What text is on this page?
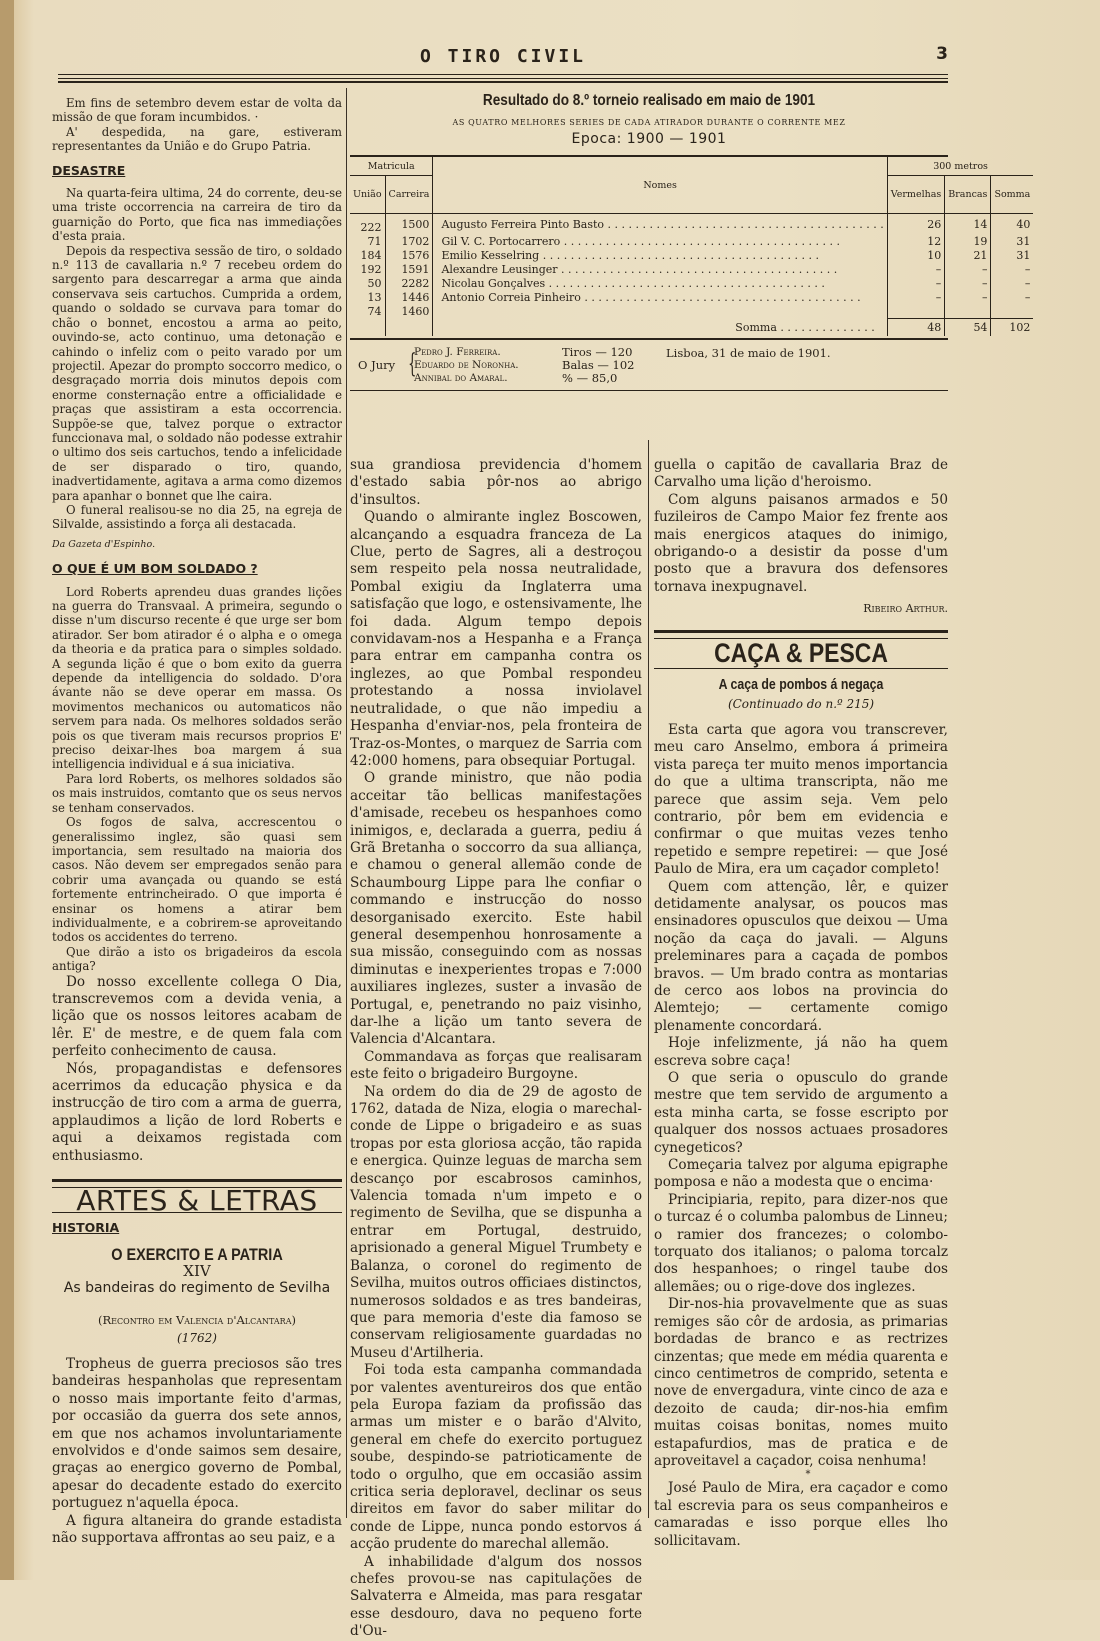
O TIRO CIVIL	3

Em fins de setembro devem estar de volta da missão de que foram incumbidos. ·

A' despedida, na gare, estiveram representantes da União e do Grupo Patria.

DESASTRE

Na quarta-feira ultima, 24 do corrente, deu-se uma triste occorrencia na carreira de tiro da guarnição do Porto, que fica nas immediações d'esta praia.

Depois da respectiva sessão de tiro, o soldado n.º 113 de cavallaria n.º 7 recebeu ordem do sargento para descarregar a arma que ainda conservava seis cartuchos. Cumprida a ordem, quando o soldado se curvava para tomar do chão o bonnet, encostou a arma ao peito, ouvindo-se, acto continuo, uma detonação e cahindo o infeliz com o peito varado por um projectil. Apezar do prompto soccorro medico, o desgraçado morria dois minutos depois com enorme consternação entre a officialidade e praças que assistiram a esta occorrencia. Suppõe-se que, talvez porque o extractor funccionava mal, o soldado não podesse extrahir o ultimo dos seis cartuchos, tendo a infelicidade de ser disparado o tiro, quando, inadvertidamente, agitava a arma como dizemos para apanhar o bonnet que lhe caira.

O funeral realisou-se no dia 25, na egreja de Silvalde, assistindo a força ali destacada.

Da Gazeta d'Espinho.
O QUE É UM BOM SOLDADO ?

Lord Roberts aprendeu duas grandes lições na guerra do Transvaal. A primeira, segundo o disse n'um discurso recente é que urge ser bom atirador. Ser bom atirador é o alpha e o omega da theoria e da pratica para o simples soldado. A segunda lição é que o bom exito da guerra depende da intelligencia do soldado. D'ora ávante não se deve operar em massa. Os movimentos mechanicos ou automaticos não servem para nada. Os melhores soldados serão pois os que tiveram mais recursos proprios E' preciso deixar-lhes boa margem á sua intelligencia individual e á sua iniciativa.

Para lord Roberts, os melhores soldados são os mais instruidos, comtanto que os seus nervos se tenham conservados.

Os fogos de salva, accrescentou o generalissimo inglez, são quasi sem importancia, sem resultado na maioria dos casos. Não devem ser empregados senão para cobrir uma avançada ou quando se está fortemente entrincheirado. O que importa é ensinar os homens a atirar bem individualmente, e a cobrirem-se aproveitando todos os accidentes do terreno.

Que dirão a isto os brigadeiros da escola antiga?

Do nosso excellente collega O Dia, transcrevemos com a devida venia, a lição que os nossos leitores acabam de lêr. E' de mestre, e de quem fala com perfeito conhecimento de causa.

Nós, propagandistas e defensores acerrimos da educação physica e da instrucção de tiro com a arma de guerra, applaudimos a lição de lord Roberts e aqui a deixamos registada com enthusiasmo.

ARTES & LETRAS
HISTORIA
O EXERCITO E A PATRIA
XIV
As bandeiras do regimento de Sevilha
(Recontro em Valencia d'Alcantara)
(1762)

Tropheus de guerra preciosos são tres bandeiras hespanholas que representam o nosso mais importante feito d'armas, por occasião da guerra dos sete annos, em que nos achamos involuntariamente envolvidos e d'onde saimos sem desaire, graças ao energico governo de Pombal, apesar do decadente estado do exercito portuguez n'aquella época.

A figura altaneira do grande estadista não supportava affrontas ao seu paiz, e a

Resultado do 8.º torneio realisado em maio de 1901
AS QUATRO MELHORES SERIES DE CADA ATIRADOR DURANTE O CORRENTE MEZ
Epoca: 1900 — 1901
Matricula		Nomes	300 metros		
União	Carreira		Vermelhas	Brancas	Somma
222	1500	Augusto Ferreira Pinto Basto . . . . . . . . . . . . . . . . . . . . . . . . . . . . . . . . . . . . . . . .	26	14	40
71	1702	Gil V. C. Portocarrero . . . . . . . . . . . . . . . . . . . . . . . . . . . . . . . . . . . . . . . .	12	19	31
184	1576	Emilio Kesselring . . . . . . . . . . . . . . . . . . . . . . . . . . . . . . . . . . . . . . . .	10	21	31
192	1591	Alexandre Leusinger . . . . . . . . . . . . . . . . . . . . . . . . . . . . . . . . . . . . . . . .	–	–	–
50	2282	Nicolau Gonçalves . . . . . . . . . . . . . . . . . . . . . . . . . . . . . . . . . . . . . . . .	–	–	–
13	1446	Antonio Correia Pinheiro . . . . . . . . . . . . . . . . . . . . . . . . . . . . . . . . . . . . . . . .	–	–	–
74	1460				
		Somma . . . . . . . . . . . . . .	48	54	102
O Jury {
Pedro J. Ferreira.
Eduardo de Noronha.
Annibal do Amaral.
Tiros — 120
Balas — 102
% — 85,0
Lisboa, 31 de maio de 1901.

sua grandiosa previdencia d'homem d'estado sabia pôr-nos ao abrigo d'insultos.

Quando o almirante inglez Boscowen, alcançando a esquadra franceza de La Clue, perto de Sagres, ali a destroçou sem respeito pela nossa neutralidade, Pombal exigiu da Inglaterra uma satisfação que logo, e ostensivamente, lhe foi dada. Algum tempo depois convidavam-nos a Hespanha e a França para entrar em campanha contra os inglezes, ao que Pombal respondeu protestando a nossa inviolavel neutralidade, o que não impediu a Hespanha d'enviar-nos, pela fronteira de Traz-os-Montes, o marquez de Sarria com 42:000 homens, para obsequiar Portugal.

O grande ministro, que não podia acceitar tão bellicas manifestações d'amisade, recebeu os hespanhoes como inimigos, e, declarada a guerra, pediu á Grã Bretanha o soccorro da sua alliança, e chamou o general allemão conde de Schaumbourg Lippe para lhe confiar o commando e instrucção do nosso desorganisado exercito. Este habil general desempenhou honrosamente a sua missão, conseguindo com as nossas diminutas e inexperientes tropas e 7:000 auxiliares inglezes, suster a invasão de Portugal, e, penetrando no paiz visinho, dar-lhe a lição um tanto severa de Valencia d'Alcantara.

Commandava as forças que realisaram este feito o brigadeiro Burgoyne.

Na ordem do dia de 29 de agosto de 1762, datada de Niza, elogia o marechal-conde de Lippe o brigadeiro e as suas tropas por esta gloriosa acção, tão rapida e energica. Quinze leguas de marcha sem descanço por escabrosos caminhos, Valencia tomada n'um impeto e o regimento de Sevilha, que se dispunha a entrar em Portugal, destruido, aprisionado a general Miguel Trumbety e Balanza, o coronel do regimento de Sevilha, muitos outros officiaes distinctos, numerosos soldados e as tres bandeiras, que para memoria d'este dia famoso se conservam religiosamente guardadas no Museu d'Artilheria.

Foi toda esta campanha commandada por valentes aventureiros dos que então pela Europa faziam da profissão das armas um mister e o barão d'Alvito, general em chefe do exercito portuguez soube, despindo-se patrioticamente de todo o orgulho, que em occasião assim critica seria deploravel, declinar os seus direitos em favor do saber militar do conde de Lippe, nunca pondo estorvos á acção prudente do marechal allemão.

A inhabilidade d'algum dos nossos chefes provou-se nas capitulações de Salvaterra e Almeida, mas para resgatar esse desdouro, dava no pequeno forte d'Ou-

guella o capitão de cavallaria Braz de Carvalho uma lição d'heroismo.

Com alguns paisanos armados e 50 fuzileiros de Campo Maior fez frente aos mais energicos ataques do inimigo, obrigando-o a desistir da posse d'um posto que a bravura dos defensores tornava inexpugnavel.

Ribeiro Arthur.
CAÇA & PESCA
A caça de pombos á negaça
(Continuado do n.º 215)

Esta carta que agora vou transcrever, meu caro Anselmo, embora á primeira vista pareça ter muito menos importancia do que a ultima transcripta, não me parece que assim seja. Vem pelo contrario, pôr bem em evidencia e confirmar o que muitas vezes tenho repetido e sempre repetirei: — que José Paulo de Mira, era um caçador completo!

Quem com attenção, lêr, e quizer detidamente analysar, os poucos mas ensinadores opusculos que deixou — Uma noção da caça do javali. — Alguns preleminares para a caçada de pombos bravos. — Um brado contra as montarias de cerco aos lobos na provincia do Alemtejo; — certamente comigo plenamente concordará.

Hoje infelizmente, já não ha quem escreva sobre caça!

O que seria o opusculo do grande mestre que tem servido de argumento a esta minha carta, se fosse escripto por qualquer dos nossos actuaes prosadores cynegeticos?

Começaria talvez por alguma epigraphe pomposa e não a modesta que o encima·

Principiaria, repito, para dizer-nos que o turcaz é o columba palombus de Linneu; o ramier dos francezes; o colombo-torquato dos italianos; o paloma torcalz dos hespanhoes; o ringel taube dos allemães; ou o rige-dove dos inglezes.

Dir-nos-hia provavelmente que as suas remiges são côr de ardosia, as primarias bordadas de branco e as rectrizes cinzentas; que mede em média quarenta e cinco centimetros de comprido, setenta e nove de envergadura, vinte cinco de aza e dezoito de cauda; dir-nos-hia emfim muitas coisas bonitas, nomes muito estapafurdios, mas de pratica e de aproveitavel a caçador, coisa nenhuma!

*

José Paulo de Mira, era caçador e como tal escrevia para os seus companheiros e camaradas e isso porque elles lho sollicitavam.
